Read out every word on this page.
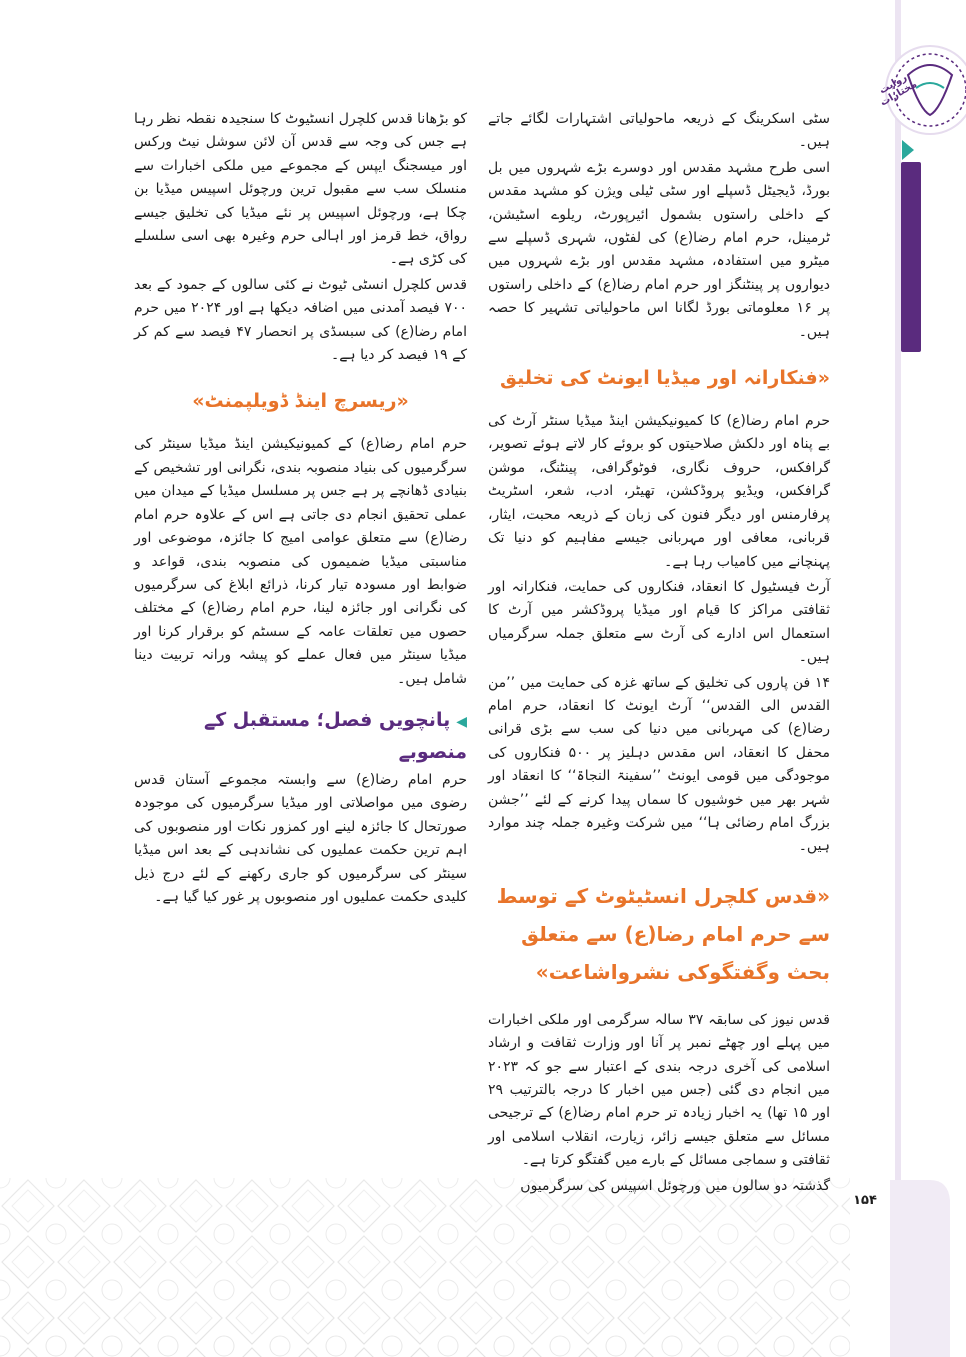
روایت مختارات
دارالکتاب و رسانه در آستان قدس رضوی
۱۵۴

سٹی اسکرینگ کے ذریعہ ماحولیاتی اشتہارات لگائے جاتے ہیں۔

اسی طرح مشہد مقدس اور دوسرے بڑے شہروں میں بل بورڈ، ڈیجیٹل ڈسپلے اور سٹی ٹیلی ویژن کو مشہد مقدس کے داخلی راستوں بشمول ائیرپورٹ، ریلوے اسٹیشن، ٹرمینل، حرم امام رضا(ع) کی لفٹوں، شہری ڈسپلے سے میٹرو میں استفادہ، مشہد مقدس اور بڑے شہروں میں دیواروں پر پینٹنگز اور حرم امام رضا(ع) کے داخلی راستوں پر ۱۶ معلوماتی بورڈ لگانا اس ماحولیاتی تشہیر کا حصہ ہیں۔

«فنکارانہ اور میڈیا ایونٹ کی تخلیق

حرم امام رضا(ع) کا کمیونیکیشن اینڈ میڈیا سنٹر آرٹ کی بے پناہ اور دلکش صلاحیتوں کو بروئے کار لاتے ہوئے تصویر، گرافکس، حروف نگاری، فوٹوگرافی، پینٹنگ، موشن گرافکس، ویڈیو پروڈکشن، تھیٹر، ادب، شعر، اسٹریٹ پرفارمنس اور دیگر فنون کی زبان کے ذریعہ محبت، ایثار، قربانی، معافی اور مہربانی جیسے مفاہیم کو دنیا تک پہنچانے میں کامیاب رہا ہے۔

آرٹ فیسٹیول کا انعقاد، فنکاروں کی حمایت، فنکارانہ اور ثقافتی مراکز کا قیام اور میڈیا پروڈکشر میں آرٹ کا استعمال اس ادارے کی آرٹ سے متعلق جملہ سرگرمیاں ہیں۔

۱۴ فن پاروں کی تخلیق کے ساتھ غزہ کی حمایت میں ’’من القدس الی القدس‘‘ آرٹ ایونٹ کا انعقاد، حرم امام رضا(ع) کی مہربانی میں دنیا کی سب سے بڑی قرانی محفل کا انعقاد، اس مقدس دہلیز پر ۵۰۰ فنکاروں کی موجودگی میں قومی ایونٹ ’’سفینۃ النجاۃ‘‘ کا انعقاد اور شہر بھر میں خوشیوں کا سماں پیدا کرنے کے لئے ’’جشن بزرگ امام رضائی ہا‘‘ میں شرکت وغیرہ جملہ چند موارد ہیں۔

«قدس کلچرل انسٹیٹوٹ کے توسط سے حرم امام رضا(ع) سے متعلق بحث وگفتگوکی نشرواشاعت»

قدس نیوز کی سابقہ ۳۷ سالہ سرگرمی اور ملکی اخبارات میں پہلے اور چھٹے نمبر پر آنا اور وزارت ثقافت و ارشاد اسلامی کی آخری درجہ بندی کے اعتبار سے جو کہ ۲۰۲۳ میں انجام دی گئی (جس میں اخبار کا درجہ بالترتیب ۲۹ اور ۱۵ تھا) یہ اخبار زیادہ تر حرم امام رضا(ع) کے ترجیحی مسائل سے متعلق جیسے زائر، زیارت، انقلاب اسلامی اور ثقافتی و سماجی مسائل کے بارے میں گفتگو کرتا ہے۔

گذشتہ دو سالوں میں ورچوئل اسپیس کی سرگرمیوں

کو بڑھانا قدس کلچرل انسٹیوٹ کا سنجیدہ نقطہ نظر رہا ہے جس کی وجہ سے قدس آن لائن سوشل نیٹ ورکس اور میسجنگ ایپس کے مجموعے میں ملکی اخبارات سے منسلک سب سے مقبول ترین ورچوئل اسپیس میڈیا بن چکا ہے، ورچوئل اسپیس پر نئے میڈیا کی تخلیق جیسے رواق، خط قرمز اور اہالی حرم وغیرہ بھی اسی سلسلے کی کڑی ہے۔

قدس کلچرل انسٹی ٹیوٹ نے کئی سالوں کے جمود کے بعد ۷۰۰ فیصد آمدنی میں اضافہ دیکھا ہے اور ۲۰۲۴ میں حرم امام رضا(ع) کی سبسڈی پر انحصار ۴۷ فیصد سے کم کر کے ۱۹ فیصد کر دیا ہے۔

«ریسرچ اینڈ ڈویلپمنٹ»

حرم امام رضا(ع) کے کمیونیکیشن اینڈ میڈیا سینٹر کی سرگرمیوں کی بنیاد منصوبہ بندی، نگرانی اور تشخیص کے بنیادی ڈھانچے پر ہے جس پر مسلسل میڈیا کے میدان میں عملی تحقیق انجام دی جاتی ہے اس کے علاوہ حرم امام رضا(ع) سے متعلق عوامی امیج کا جائزہ، موضوعی اور مناسبتی میڈیا ضمیموں کی منصوبہ بندی، قواعد و ضوابط اور مسودہ تیار کرنا، ذرائع ابلاغ کی سرگرمیوں کی نگرانی اور جائزہ لینا، حرم امام رضا(ع) کے مختلف حصوں میں تعلقات عامہ کے سسٹم کو برقرار کرنا اور میڈیا سینٹر میں فعال عملے کو پیشہ ورانہ تربیت دینا شامل ہیں۔

◀پانچویں فصل؛ مستقبل کے منصوبے

حرم امام رضا(ع) سے وابستہ مجموعے آستان قدس رضوی میں مواصلاتی اور میڈیا سرگرمیوں کی موجودہ صورتحال کا جائزہ لینے اور کمزور نکات اور منصوبوں کی اہم ترین حکمت عملیوں کی نشاندہی کے بعد اس میڈیا سینٹر کی سرگرمیوں کو جاری رکھنے کے لئے درج ذیل کلیدی حکمت عملیوں اور منصوبوں پر غور کیا گیا ہے۔
